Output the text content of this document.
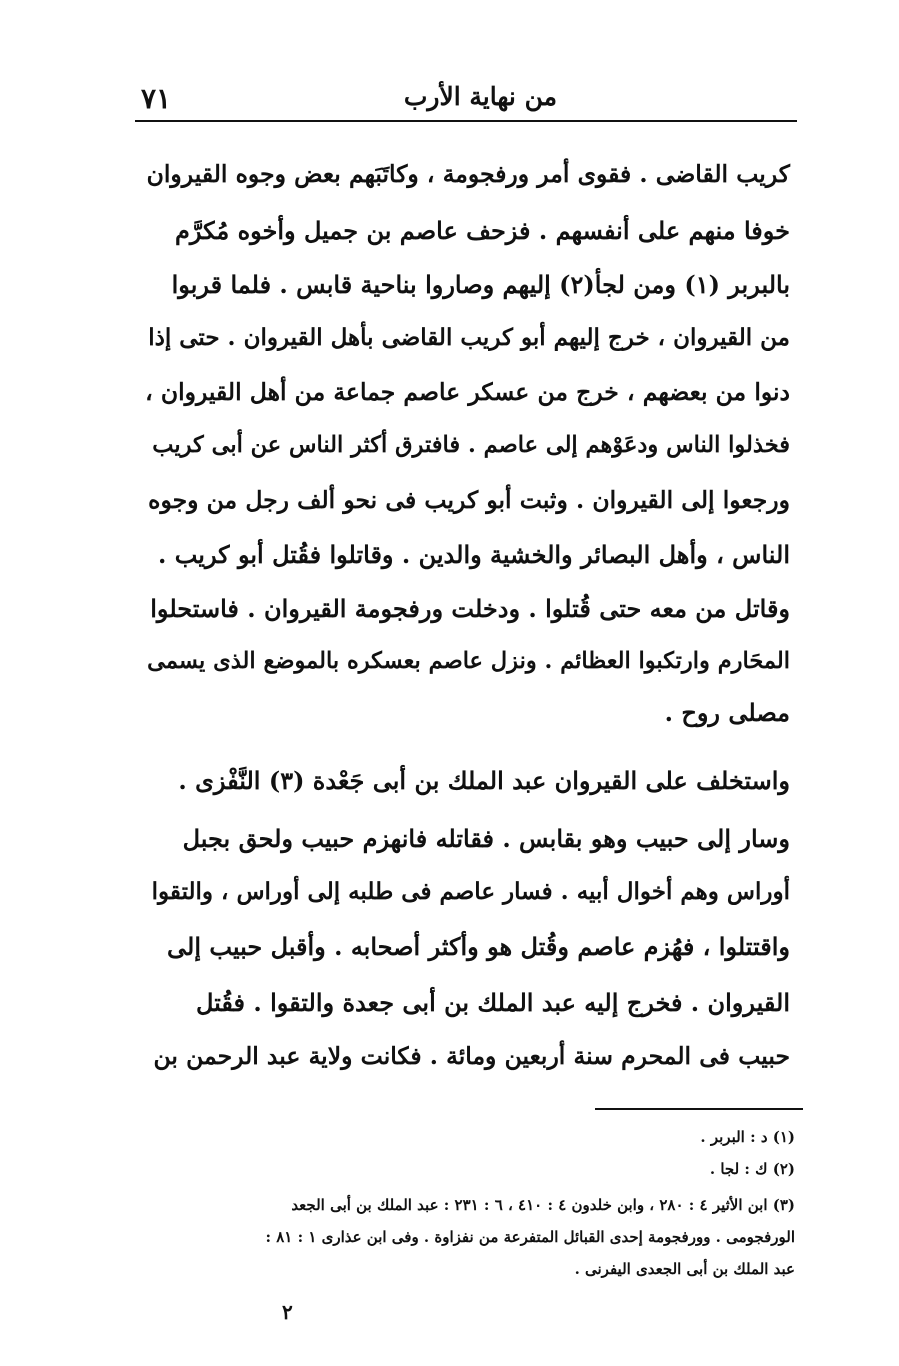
٧١	من نهاية الأرب
كريب القاضى . فقوى أمر ورفجومة ، وكاتَبَهم بعض وجوه القيروان
خوفا منهم على أنفسهم . فزحف عاصم بن جميل وأخوه مُكرَّم
بالبربر (١) ومن لجأ(٢) إليهم وصاروا بناحية قابس . فلما قربوا
من القيروان ، خرج إليهم أبو كريب القاضى بأهل القيروان . حتى إذا
دنوا من بعضهم ، خرج من عسكر عاصم جماعة من أهل القيروان ،
فخذلوا الناس ودعَوْهم إلى عاصم . فافترق أكثر الناس عن أبى كريب
ورجعوا إلى القيروان . وثبت أبو كريب فى نحو ألف رجل من وجوه
الناس ، وأهل البصائر والخشية والدين . وقاتلوا فقُتل أبو كريب .
وقاتل من معه حتى قُتلوا . ودخلت ورفجومة القيروان . فاستحلوا
المحَارم وارتكبوا العظائم . ونزل عاصم بعسكره بالموضع الذى يسمى
مصلى روح .
واستخلف على القيروان عبد الملك بن أبى جَعْدة (٣) النَّفْزى .
وسار إلى حبيب وهو بقابس . فقاتله فانهزم حبيب ولحق بجبل
أوراس وهم أخوال أبيه . فسار عاصم فى طلبه إلى أوراس ، والتقوا
واقتتلوا ، فهُزم عاصم وقُتل هو وأكثر أصحابه . وأقبل حبيب إلى
القيروان . فخرج إليه عبد الملك بن أبى جعدة والتقوا . فقُتل
حبيب فى المحرم سنة أربعين ومائة . فكانت ولاية عبد الرحمن بن
(١) د : البربر .
(٢) ك : لجا .
(٣) ابن الأثير ٤ : ٢٨٠ ، وابن خلدون ٤ : ٤١٠ ، ٦ : ٢٣١ : عبد الملك بن أبى الجعد
الورفجومى . وورفجومة إحدى القبائل المتفرعة من نفزاوة . وفى ابن عذارى ١ : ٨١ :
عبد الملك بن أبى الجعدى اليفرنى .
٢
